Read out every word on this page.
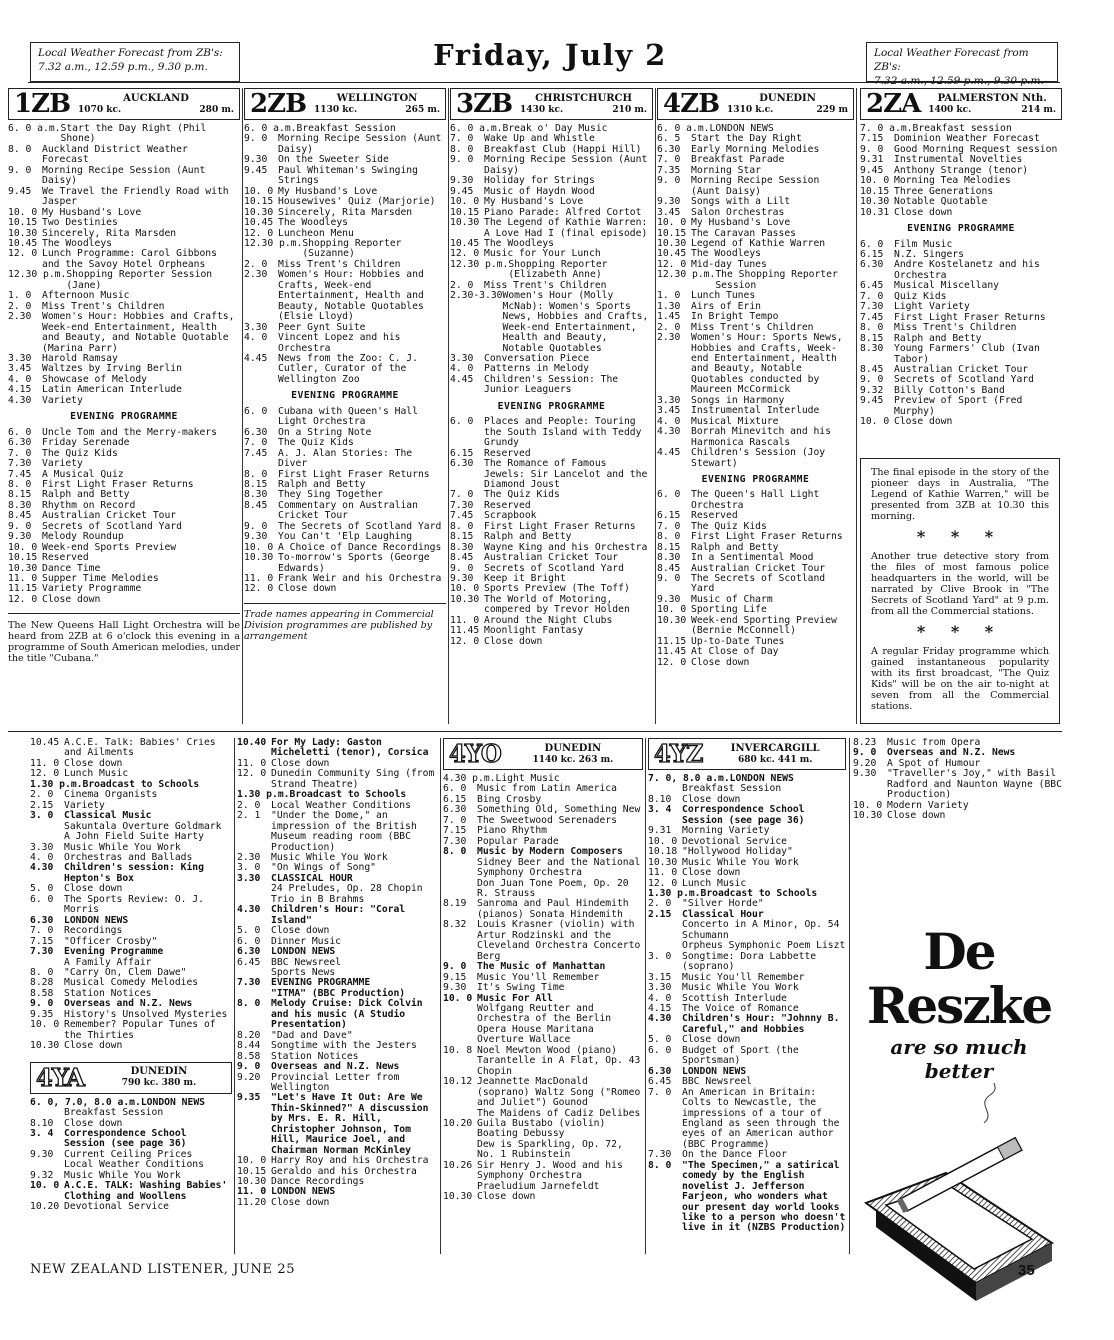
Local Weather Forecast from ZB's:
7.32 a.m., 12.59 p.m., 9.30 p.m.	Friday, July 2	Local Weather Forecast from ZB's:
7.32 a.m., 12.59 p.m., 9.30 p.m.
1ZB	AUCKLAND
1070 kc.	280 m.
6. 0 a.m. Start the Day Right (Phil Shone)
8. 0	Auckland District Weather Forecast
9. 0	Morning Recipe Session (Aunt Daisy)
9.45	We Travel the Friendly Road with Jasper
10. 0 My Husband's Love
10.15 Two Destinies
10.30 Sincerely, Rita Marsden
10.45 The Woodleys
12. 0 Lunch Programme: Carol Gibbons and the Savoy Hotel Orpheans
12.30 p.m. Shopping Reporter Session (Jane)
1. 0	Afternoon Music
2. 0	Miss Trent's Children
2.30	Women's Hour: Hobbies and Crafts, Week-end Entertainment, Health and Beauty, and Notable Quotable (Marina Parr)
3.30	Harold Ramsay
3.45	Waltzes by Irving Berlin
4. 0	Showcase of Melody
4.15	Latin American Interlude
4.30	Variety
EVENING PROGRAMME
6. 0	Uncle Tom and the Merry-makers
6.30	Friday Serenade
7. 0	The Quiz Kids
7.30	Variety
7.45	A Musical Quiz
8. 0	First Light Fraser Returns
8.15	Ralph and Betty
8.30	Rhythm on Record
8.45	Australian Cricket Tour
9. 0	Secrets of Scotland Yard
9.30	Melody Roundup
10. 0 Week-end Sports Preview
10.15 Reserved
10.30 Dance Time
11. 0 Supper Time Melodies
11.15 Variety Programme
12. 0 Close down
The New Queens Hall Light Orchestra will be heard from 2ZB at 6 o'clock this evening in a programme of South American melodies, under the title "Cubana."
2ZB	WELLINGTON
1130 kc.	265 m.
6. 0 a.m. Breakfast Session
9. 0	Morning Recipe Session (Aunt Daisy)
9.30	On the Sweeter Side
9.45	Paul Whiteman's Swinging Strings
10. 0 My Husband's Love
10.15 Housewives' Quiz (Marjorie)
10.30 Sincerely, Rita Marsden
10.45 The Woodleys
12. 0 Luncheon Menu
12.30 p.m. Shopping Reporter (Suzanne)
2. 0	Miss Trent's Children
2.30	Women's Hour: Hobbies and Crafts, Week-end Entertainment, Health and Beauty, Notable Quotables (Elsie Lloyd)
3.30	Peer Gynt Suite
4. 0	Vincent Lopez and his Orchestra
4.45	News from the Zoo: C. J. Cutler, Curator of the Wellington Zoo
EVENING PROGRAMME
6. 0	Cubana with Queen's Hall Light Orchestra
6.30	On a String Note
7. 0	The Quiz Kids
7.45	A. J. Alan Stories: The Diver
8. 0	First Light Fraser Returns
8.15	Ralph and Betty
8.30	They Sing Together
8.45	Commentary on Australian Cricket Tour
9. 0	The Secrets of Scotland Yard
9.30	You Can't 'Elp Laughing
10. 0 A Choice of Dance Recordings
10.30 To-morrow's Sports (George Edwards)
11. 0 Frank Weir and his Orchestra
12. 0 Close down
Trade names appearing in Commercial Division programmes are published by arrangement
3ZB	CHRISTCHURCH
1430 kc.	210 m.
6. 0 a.m. Break o' Day Music
7. 0	Wake Up and Whistle
8. 0	Breakfast Club (Happi Hill)
9. 0	Morning Recipe Session (Aunt Daisy)
9.30	Holiday for Strings
9.45	Music of Haydn Wood
10. 0 My Husband's Love
10.15 Piano Parade: Alfred Cortot
10.30 The Legend of Kathie Warren: A Love Had I (final episode)
10.45 The Woodleys
12. 0 Music for Your Lunch
12.30 p.m. Shopping Reporter (Elizabeth Anne)
2. 0	Miss Trent's Children
2.30-3.30 Women's Hour (Molly McNab): Women's Sports News, Hobbies and Crafts, Week-end Entertainment, Health and Beauty, Notable Quotables
3.30	Conversation Piece
4. 0	Patterns in Melody
4.45	Children's Session: The Junior Leaguers
EVENING PROGRAMME
6. 0	Places and People: Touring the South Island with Teddy Grundy
6.15	Reserved
6.30	The Romance of Famous Jewels: Sir Lancelot and the Diamond Joust
7. 0	The Quiz Kids
7.30	Reserved
7.45	Scrapbook
8. 0	First Light Fraser Returns
8.15	Ralph and Betty
8.30	Wayne King and his Orchestra
8.45	Australian Cricket Tour
9. 0	Secrets of Scotland Yard
9.30	Keep it Bright
10. 0 Sports Preview (The Toff)
10.30 The World of Motoring, compered by Trevor Holden
11. 0 Around the Night Clubs
11.45 Moonlight Fantasy
12. 0 Close down
4ZB	DUNEDIN
1310 k.c.	229 m
6. 0 a.m. LONDON NEWS
6. 5	Start the Day Right
6.30	Early Morning Melodies
7. 0	Breakfast Parade
7.35	Morning Star
9. 0	Morning Recipe Session (Aunt Daisy)
9.30	Songs with a Lilt
3.45	Salon Orchestras
10. 0 My Husband's Love
10.15 The Caravan Passes
10.30 Legend of Kathie Warren
10.45 The Woodleys
12. 0 Mid-day Tunes
12.30 p.m. The Shopping Reporter Session
1. 0	Lunch Tunes
1.30	Airs of Erin
1.45	In Bright Tempo
2. 0	Miss Trent's Children
2.30	Women's Hour: Sports News, Hobbies and Crafts, Week-end Entertainment, Health and Beauty, Notable Quotables conducted by Maureen McCormick
3.30	Songs in Harmony
3.45	Instrumental Interlude
4. 0	Musical Mixture
4.30	Borrah Minevitch and his Harmonica Rascals
4.45	Children's Session (Joy Stewart)
EVENING PROGRAMME
6. 0	The Queen's Hall Light Orchestra
6.15	Reserved
7. 0	The Quiz Kids
8. 0	First Light Fraser Returns
8.15	Ralph and Betty
8.30	In a Sentimental Mood
8.45	Australian Cricket Tour
9. 0	The Secrets of Scotland Yard
9.30	Music of Charm
10. 0 Sporting Life
10.30 Week-end Sporting Preview (Bernie McConnell)
11.15 Up-to-Date Tunes
11.45 At Close of Day
12. 0 Close down
2ZA	PALMERSTON Nth.
1400 kc.	214 m.
7. 0 a.m. Breakfast session
7.15	Dominion Weather Forecast
9. 0	Good Morning Request session
9.31	Instrumental Novelties
9.45	Anthony Strange (tenor)
10. 0 Morning Tea Melodies
10.15 Three Generations
10.30 Notable Quotable
10.31 Close down
EVENING PROGRAMME
6. 0	Film Music
6.15	N.Z. Singers
6.30	Andre Kostelanetz and his Orchestra
6.45	Musical Miscellany
7. 0	Quiz Kids
7.30	Light Variety
7.45	First Light Fraser Returns
8. 0	Miss Trent's Children
8.15	Ralph and Betty
8.30	Young Farmers' Club (Ivan Tabor)
8.45	Australian Cricket Tour
9. 0	Secrets of Scotland Yard
9.32	Billy Cotton's Band
9.45	Preview of Sport (Fred Murphy)
10. 0 Close down
The final episode in the story of the pioneer days in Australia, "The Legend of Kathie Warren," will be presented from 3ZB at 10.30 this morning.
* * *
Another true detective story from the files of most famous police headquarters in the world, will be narrated by Clive Brook in "The Secrets of Scotland Yard" at 9 p.m. from all the Commercial stations.
* * *
A regular Friday programme which gained instantaneous popularity with its first broadcast, "The Quiz Kids" will be on the air to-night at seven from all the Commercial stations.
10.45 A.C.E. Talk: Babies' Cries and Ailments
11. 0 Close down
12. 0 Lunch Music
1.30 p.m. Broadcast to Schools
2. 0	Cinema Organists
2.15	Variety
3. 0	Classical Music
Sakuntala Overture Goldmark
A John Field Suite Harty
3.30	Music While You Work
4. 0	Orchestras and Ballads
4.30	Children's session: King Hepton's Box
5. 0	Close down
6. 0	The Sports Review: O. J. Morris
6.30	LONDON NEWS
7. 0	Recordings
7.15	"Officer Crosby"
7.30	Evening Programme
A Family Affair
8. 0	"Carry On, Clem Dawe"
8.28	Musical Comedy Melodies
8.58	Station Notices
9. 0	Overseas and N.Z. News
9.35	History's Unsolved Mysteries
10. 0 Remember? Popular Tunes of the Thirties
10.30 Close down
4YA	DUNEDIN
790 kc. 380 m.
6. 0, 7.0, 8.0 a.m. LONDON NEWS
Breakfast Session
8.10	Close down
3. 4	Correspondence School Session (see page 36)
9.30	Current Ceiling Prices
Local Weather Conditions
9.32	Music While You Work
10. 0 A.C.E. TALK: Washing Babies' Clothing and Woollens
10.20 Devotional Service
10.40 For My Lady: Gaston Micheletti (tenor), Corsica
11. 0 Close down
12. 0 Dunedin Community Sing (from Strand Theatre)
1.30 p.m. Broadcast to Schools
2. 0	Local Weather Conditions
2. 1	"Under the Dome," an impression of the British Museum reading room (BBC Production)
2.30	Music While You Work
3. 0	"On Wings of Song"
3.30	CLASSICAL HOUR
24 Preludes, Op. 28 Chopin
Trio in B Brahms
4.30	Children's Hour: "Coral Island"
5. 0	Close down
6. 0	Dinner Music
6.30	LONDON NEWS
6.45	BBC Newsreel
Sports News
7.30	EVENING PROGRAMME
"ITMA" (BBC Production)
8. 0	Melody Cruise: Dick Colvin and his music (A Studio Presentation)
8.20	"Dad and Dave"
8.44	Songtime with the Jesters
8.58	Station Notices
9. 0	Overseas and N.Z. News
9.20	Provincial Letter from Wellington
9.35	"Let's Have It Out: Are We Thin-Skinned?" A discussion by Mrs. E. R. Hill, Christopher Johnson, Tom Hill, Maurice Joel, and Chairman Norman McKinley
10. 0 Harry Roy and his Orchestra
10.15 Geraldo and his Orchestra
10.30 Dance Recordings
11. 0 LONDON NEWS
11.20 Close down
4YO	DUNEDIN
1140 kc. 263 m.
4.30 p.m. Light Music
6. 0	Music from Latin America
6.15	Bing Crosby
6.30	Something Old, Something New
7. 0	The Sweetwood Serenaders
7.15	Piano Rhythm
7.30	Popular Parade
8. 0	Music by Modern Composers
Sidney Beer and the National Symphony Orchestra
Don Juan Tone Poem, Op. 20 R. Strauss
8.19	Sanroma and Paul Hindemith (pianos) Sonata Hindemith
8.32	Louis Krasner (violin) with Artur Rodzinski and the Cleveland Orchestra Concerto Berg
9. 0	The Music of Manhattan
9.15	Music You'll Remember
9.30	It's Swing Time
10. 0 Music For All
Wolfgang Reutter and Orchestra of the Berlin Opera House Maritana Overture Wallace
10. 8 Noel Mewton Wood (piano) Tarantelle in A Flat, Op. 43 Chopin
10.12 Jeannette MacDonald (soprano) Waltz Song ("Romeo and Juliet") Gounod
The Maidens of Cadiz Delibes
10.20 Guila Bustabo (violin) Boating Debussy
Dew is Sparkling, Op. 72, No. 1 Rubinstein
10.26 Sir Henry J. Wood and his Symphony Orchestra Praeludium Jarnefeldt
10.30 Close down
4YZ	INVERCARGILL
680 kc. 441 m.
7. 0, 8.0 a.m. LONDON NEWS
Breakfast Session
8.10	Close down
3. 4	Correspondence School Session (see page 36)
9.31	Morning Variety
10. 0 Devotional Service
10.18 "Hollywood Holiday"
10.30 Music While You Work
11. 0 Close down
12. 0 Lunch Music
1.30 p.m. Broadcast to Schools
2. 0	"Silver Horde"
2.15	Classical Hour
Concerto in A Minor, Op. 54 Schumann
Orpheus Symphonic Poem Liszt
3. 0	Songtime: Dora Labbette (soprano)
3.15	Music You'll Remember
3.30	Music While You Work
4. 0	Scottish Interlude
4.15	The Voice of Romance
4.30	Children's Hour: "Johnny B. Careful," and Hobbies
5. 0	Close down
6. 0	Budget of Sport (the Sportsman)
6.30	LONDON NEWS
6.45	BBC Newsreel
7. 0	An American in Britain: Colts to Newcastle, the impressions of a tour of England as seen through the eyes of an American author (BBC Programme)
7.30	On the Dance Floor
8. 0	"The Specimen," a satirical comedy by the English novelist J. Jefferson Farjeon, who wonders what our present day world looks like to a person who doesn't live in it (NZBS Production)
8.23	Music from Opera
9. 0	Overseas and N.Z. News
9.20	A Spot of Humour
9.30	"Traveller's Joy," with Basil Radford and Naunton Wayne (BBC Production)
10. 0 Modern Variety
10.30 Close down
De Reszke
are so much better
NEW ZEALAND LISTENER, JUNE 25	35
